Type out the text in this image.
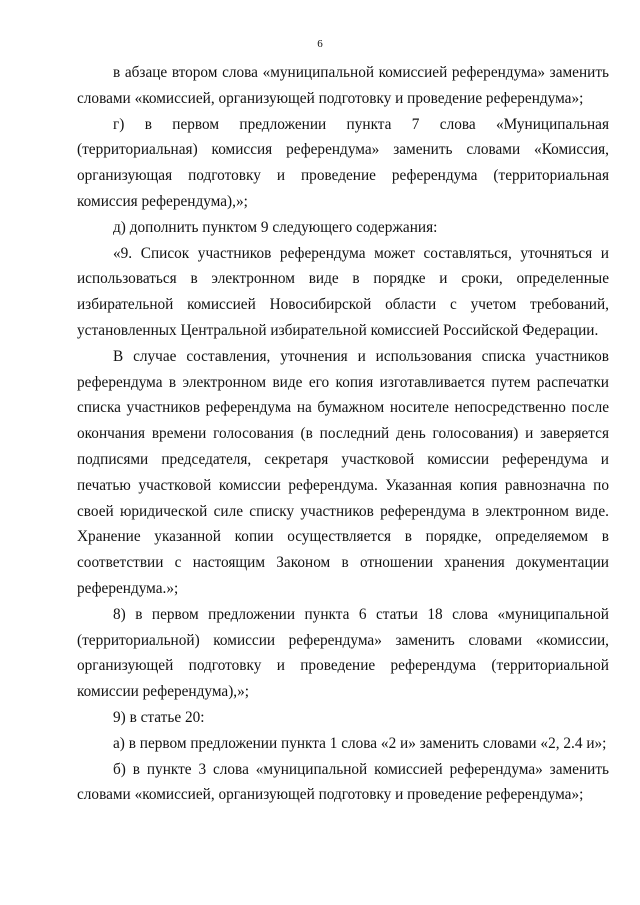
6

в абзаце втором слова «муниципальной комиссией референдума» заменить словами «комиссией, организующей подготовку и проведение референдума»;

г) в первом предложении пункта 7 слова «Муниципальная (территориальная) комиссия референдума» заменить словами «Комиссия, организующая подготовку и проведение референдума (территориальная комиссия референдума),»;

д) дополнить пунктом 9 следующего содержания:

«9. Список участников референдума может составляться, уточняться и использоваться в электронном виде в порядке и сроки, определенные избирательной комиссией Новосибирской области с учетом требований, установленных Центральной избирательной комиссией Российской Федерации.

В случае составления, уточнения и использования списка участников референдума в электронном виде его копия изготавливается путем распечатки списка участников референдума на бумажном носителе непосредственно после окончания времени голосования (в последний день голосования) и заверяется подписями председателя, секретаря участковой комиссии референдума и печатью участковой комиссии референдума. Указанная копия равнозначна по своей юридической силе списку участников референдума в электронном виде. Хранение указанной копии осуществляется в порядке, определяемом в соответствии с настоящим Законом в отношении хранения документации референдума.»;

8) в первом предложении пункта 6 статьи 18 слова «муниципальной (территориальной) комиссии референдума» заменить словами «комиссии, организующей подготовку и проведение референдума (территориальной комиссии референдума),»;

9) в статье 20:

а) в первом предложении пункта 1 слова «2 и» заменить словами «2, 2.4 и»;

б) в пункте 3 слова «муниципальной комиссией референдума» заменить словами «комиссией, организующей подготовку и проведение референдума»;
